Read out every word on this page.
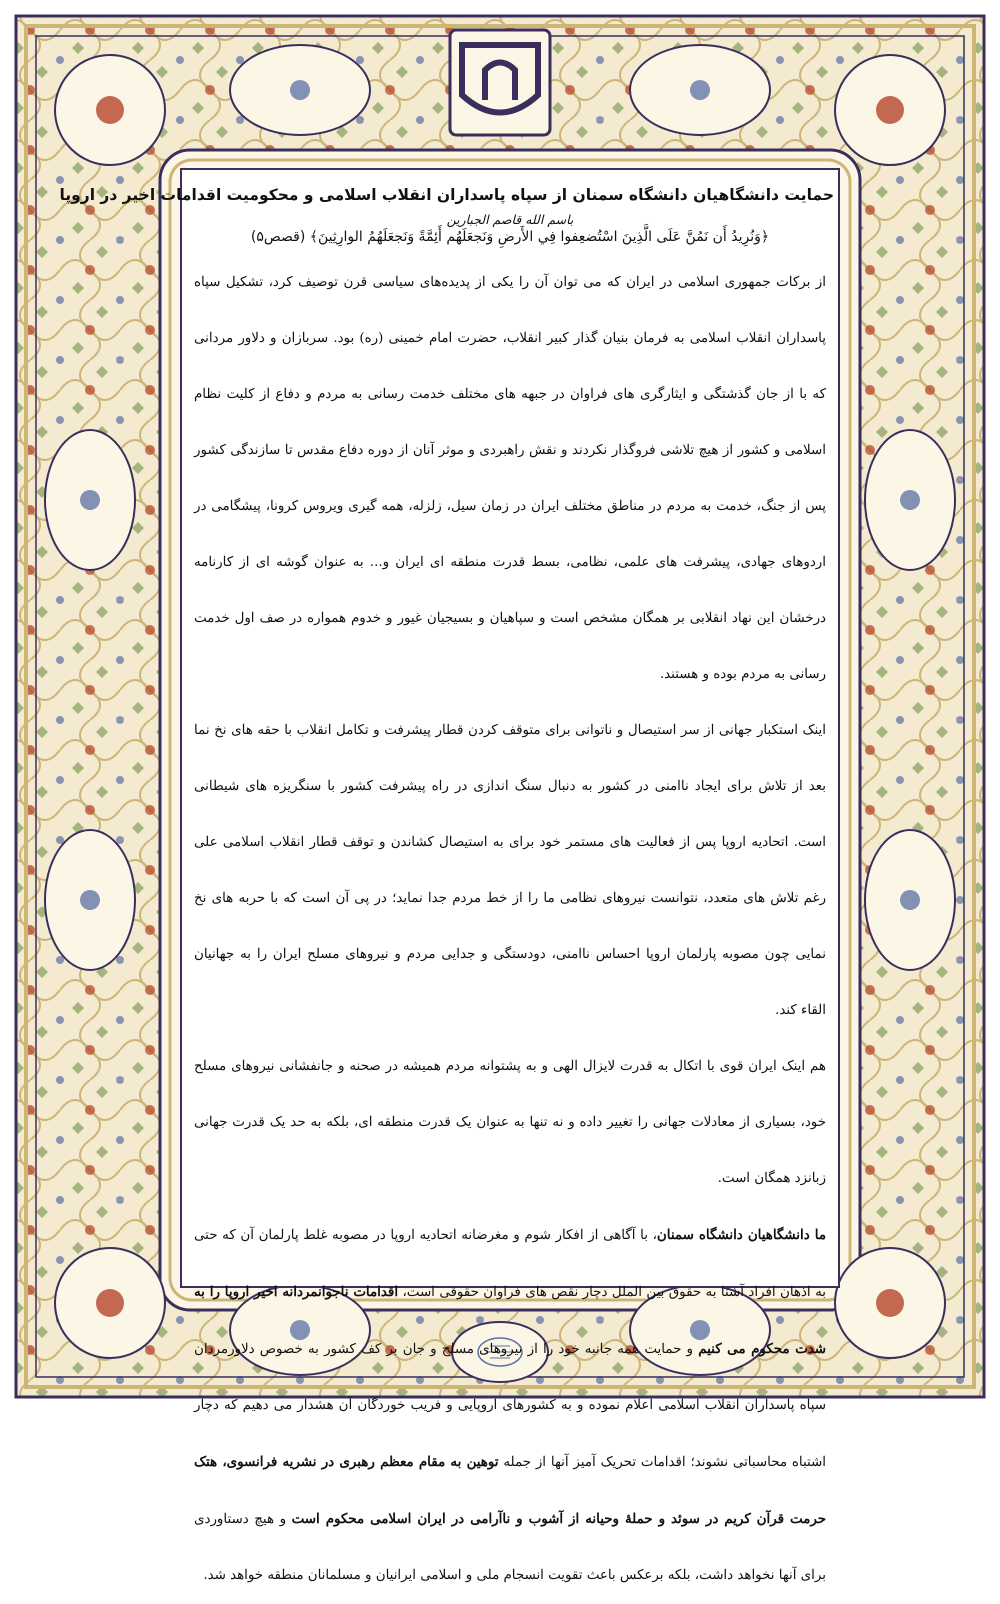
حمایت دانشگاهیان دانشگاه سمنان از سپاه پاسداران انقلاب اسلامی و محکومیت اقدامات اخیر در اروپا
باسم الله قاصم الجبارین
﴿وَنُرِيدُ أَن نَمُنَّ عَلَى الَّذِينَ اسْتُضعِفوا فِي الأَرضِ وَنَجعَلَهُم أَئِمَّةً وَنَجعَلَهُمُ الوارِثِينَ﴾ (قصص۵)

از برکات جمهوری اسلامی در ایران که می توان آن را یکی از پدیده‌های سیاسی قرن توصیف کرد، تشکیل سپاه پاسداران انقلاب اسلامی به فرمان بنیان گذار کبیر انقلاب، حضرت امام خمینی (ره) بود. سربازان و دلاور مردانی که با از جان گذشتگی و ایثارگری های فراوان در جبهه های مختلف خدمت رسانی به مردم و دفاع از کلیت نظام اسلامی و کشور از هیچ تلاشی فروگذار نکردند و نقش راهبردی و موثر آنان از دوره دفاع مقدس تا سازندگی کشور پس از جنگ، خدمت به مردم در مناطق مختلف ایران در زمان سیل، زلزله، همه گیری ویروس کرونا، پیشگامی در اردوهای جهادی، پیشرفت های علمی، نظامی، بسط قدرت منطقه ای ایران و... به عنوان گوشه ای از کارنامه درخشان این نهاد انقلابی بر همگان مشخص است و سپاهیان و بسیجیان غیور و خدوم همواره در صف اول خدمت رسانی به مردم بوده و هستند.

اینک استکبار جهانی از سر استیصال و ناتوانی برای متوقف کردن قطار پیشرفت و تکامل انقلاب با حقه های نخ نما بعد از تلاش برای ایجاد ناامنی در کشور به دنبال سنگ اندازی در راه پیشرفت کشور با سنگریزه های شیطانی است. اتحادیه اروپا پس از فعالیت های مستمر خود برای به استیصال کشاندن و توقف قطار انقلاب اسلامی علی رغم تلاش های متعدد، نتوانست نیروهای نظامی ما را از خط مردم جدا نماید؛ در پی آن است که با حربه های نخ نمایی چون مصوبه پارلمان اروپا احساس ناامنی، دودستگی و جدایی مردم و نیروهای مسلح ایران را به جهانیان القاء کند.

هم اینک ایران قوی با اتکال به قدرت لایزال الهی و به پشتوانه مردم همیشه در صحنه و جانفشانی نیروهای مسلح خود، بسیاری از معادلات جهانی را تغییر داده و نه تنها به عنوان یک قدرت منطقه ای، بلکه به حد یک قدرت جهانی زبانزد همگان است.

ما دانشگاهیان دانشگاه سمنان، با آگاهی از افکار شوم و مغرضانه اتحادیه اروپا در مصوبه غلط پارلمان آن که حتی به اذهان افراد آشنا به حقوق بین الملل دچار نقص های فراوان حقوقی است، اقدامات ناجوانمردانه اخیر اروپا را به شدت محکوم می کنیم و حمایت همه جانبه خود را از نیروهای مسلح و جان بر کف کشور به خصوص دلاورمردان سپاه پاسداران انقلاب اسلامی اعلام نموده و به کشورهای اروپایی و فریب خوردگان آن هشدار می دهیم که دچار اشتباه محاسباتی نشوند؛ اقدامات تحریک آمیز آنها از جمله توهین به مقام معظم رهبری در نشریه فرانسوی، هتک حرمت قرآن کریم در سوئد و حملهٔ وحیانه از آشوب و ناآرامی در ایران اسلامی محکوم است و هیچ دستاوردی برای آنها نخواهد داشت، بلکه برعکس باعث تقویت انسجام ملی و اسلامی ایرانیان و مسلمانان منطقه خواهد شد.
